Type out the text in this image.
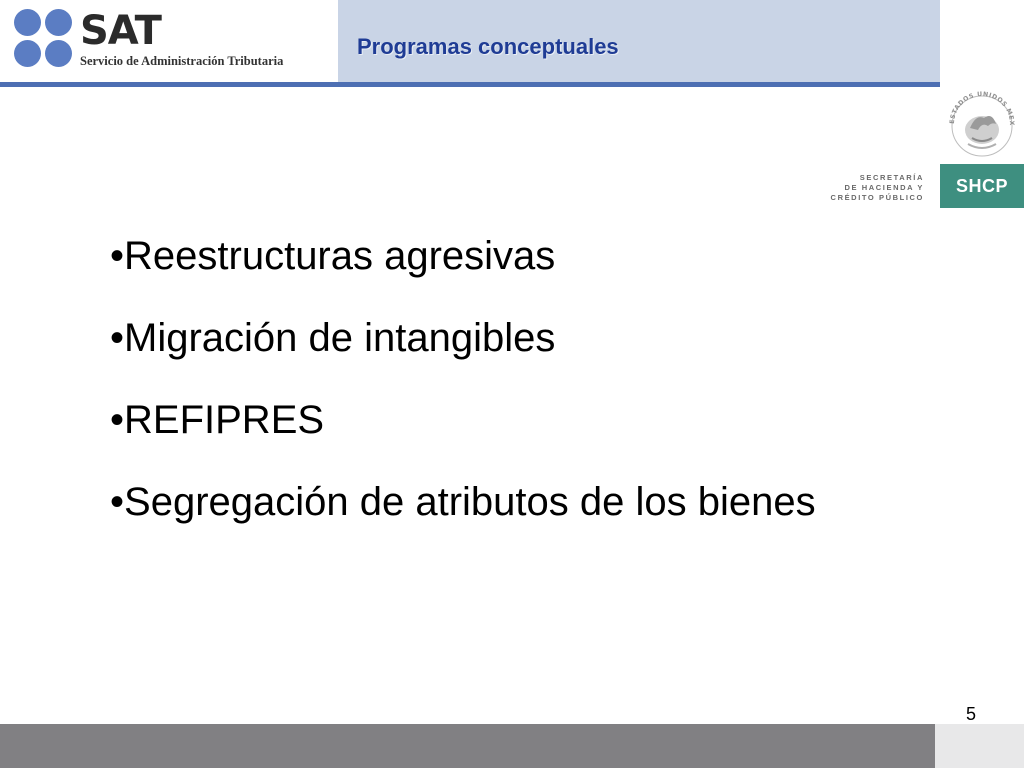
SAT
Servicio de Administración Tributaria
Programas conceptuales
ESTADOS UNIDOS MEX
SECRETARÍA
DE HACIENDA Y
CRÉDITO PÚBLICO
SHCP
• Reestructuras agresivas
• Migración de intangibles
• REFIPRES
• Segregación de atributos de los bienes
5
